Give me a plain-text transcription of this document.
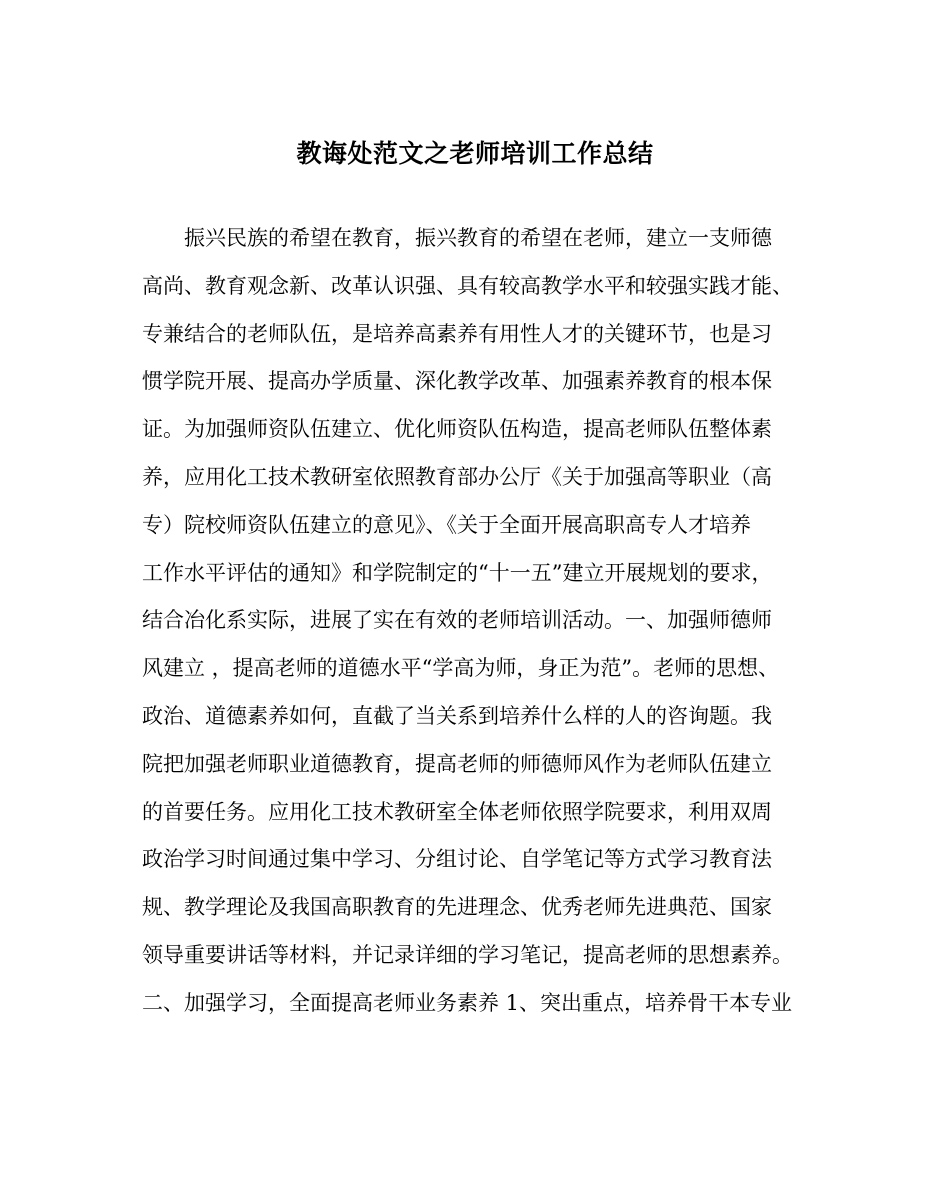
教诲处范文之老师培训工作总结
振兴民族的希望在教育，振兴教育的希望在老师，建立一支师德
高尚、教育观念新、改革认识强、具有较高教学水平和较强实践才能、
专兼结合的老师队伍，是培养高素养有用性人才的关键环节，也是习
惯学院开展、提高办学质量、深化教学改革、加强素养教育的根本保
证。为加强师资队伍建立、优化师资队伍构造，提高老师队伍整体素
养，应用化工技术教研室依照教育部办公厅《关于加强高等职业（高
专）院校师资队伍建立的意见》、《关于全面开展高职高专人才培养
工作水平评估的通知》和学院制定的“十一五”建立开展规划的要求，
结合冶化系实际，进展了实在有效的老师培训活动。一、加强师德师
风建立 ，提高老师的道德水平“学高为师，身正为范”。老师的思想、
政治、道德素养如何，直截了当关系到培养什么样的人的咨询题。我
院把加强老师职业道德教育，提高老师的师德师风作为老师队伍建立
的首要任务。应用化工技术教研室全体老师依照学院要求，利用双周
政治学习时间通过集中学习、分组讨论、自学笔记等方式学习教育法
规、教学理论及我国高职教育的先进理念、优秀老师先进典范、国家
领导重要讲话等材料，并记录详细的学习笔记，提高老师的思想素养。
二、加强学习，全面提高老师业务素养 1、突出重点，培养骨干本专业
